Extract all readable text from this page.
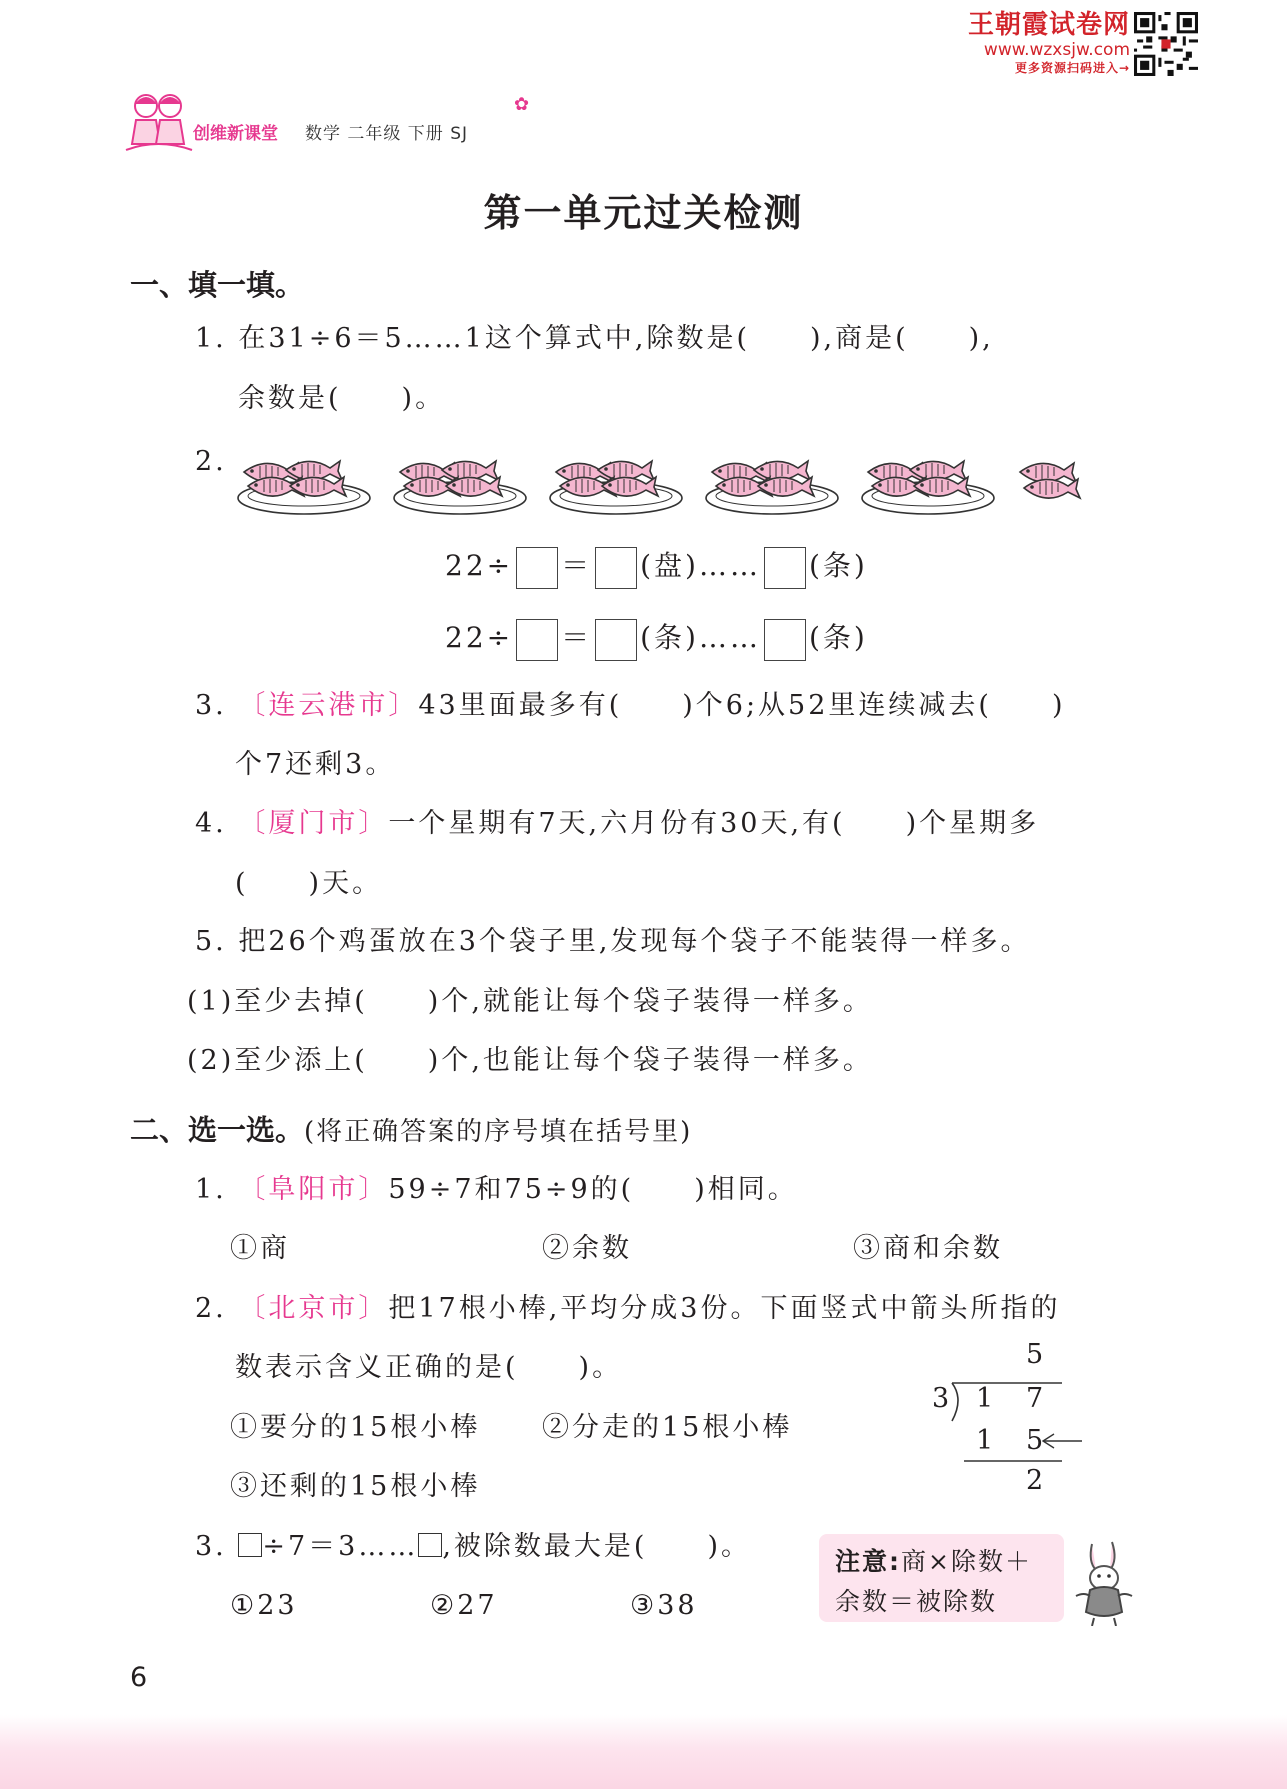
王朝霞试卷网
www.wzxsjw.com
更多资源扫码进入→
创维新课堂 数学 二年级 下册 SJ
✿
第一单元过关检测
一、填一填。
1. 在31÷6＝5……1这个算式中,除数是(　　),商是(　　),
余数是(　　)。
2.
22÷ ＝ (盘)…… (条)
22÷ ＝ (条)…… (条)
3. 〔连云港市〕43里面最多有(　　)个6;从52里连续减去(　　)
个7还剩3。
4. 〔厦门市〕一个星期有7天,六月份有30天,有(　　)个星期多
(　　)天。
5. 把26个鸡蛋放在3个袋子里,发现每个袋子不能装得一样多。
(1)至少去掉(　　)个,就能让每个袋子装得一样多。
(2)至少添上(　　)个,也能让每个袋子装得一样多。
二、选一选。(将正确答案的序号填在括号里)
1. 〔阜阳市〕59÷7和75÷9的(　　)相同。
①商	②余数	③商和余数
2. 〔北京市〕把17根小棒,平均分成3份。下面竖式中箭头所指的
数表示含义正确的是(　　)。
①要分的15根小棒 ②分走的15根小棒
③还剩的15根小棒
5
3 1 7
1 5
2
3. ÷7＝3…… ,被除数最大是(　　)。
①23	②27	③38
注意:商×除数＋
余数＝被除数
6
